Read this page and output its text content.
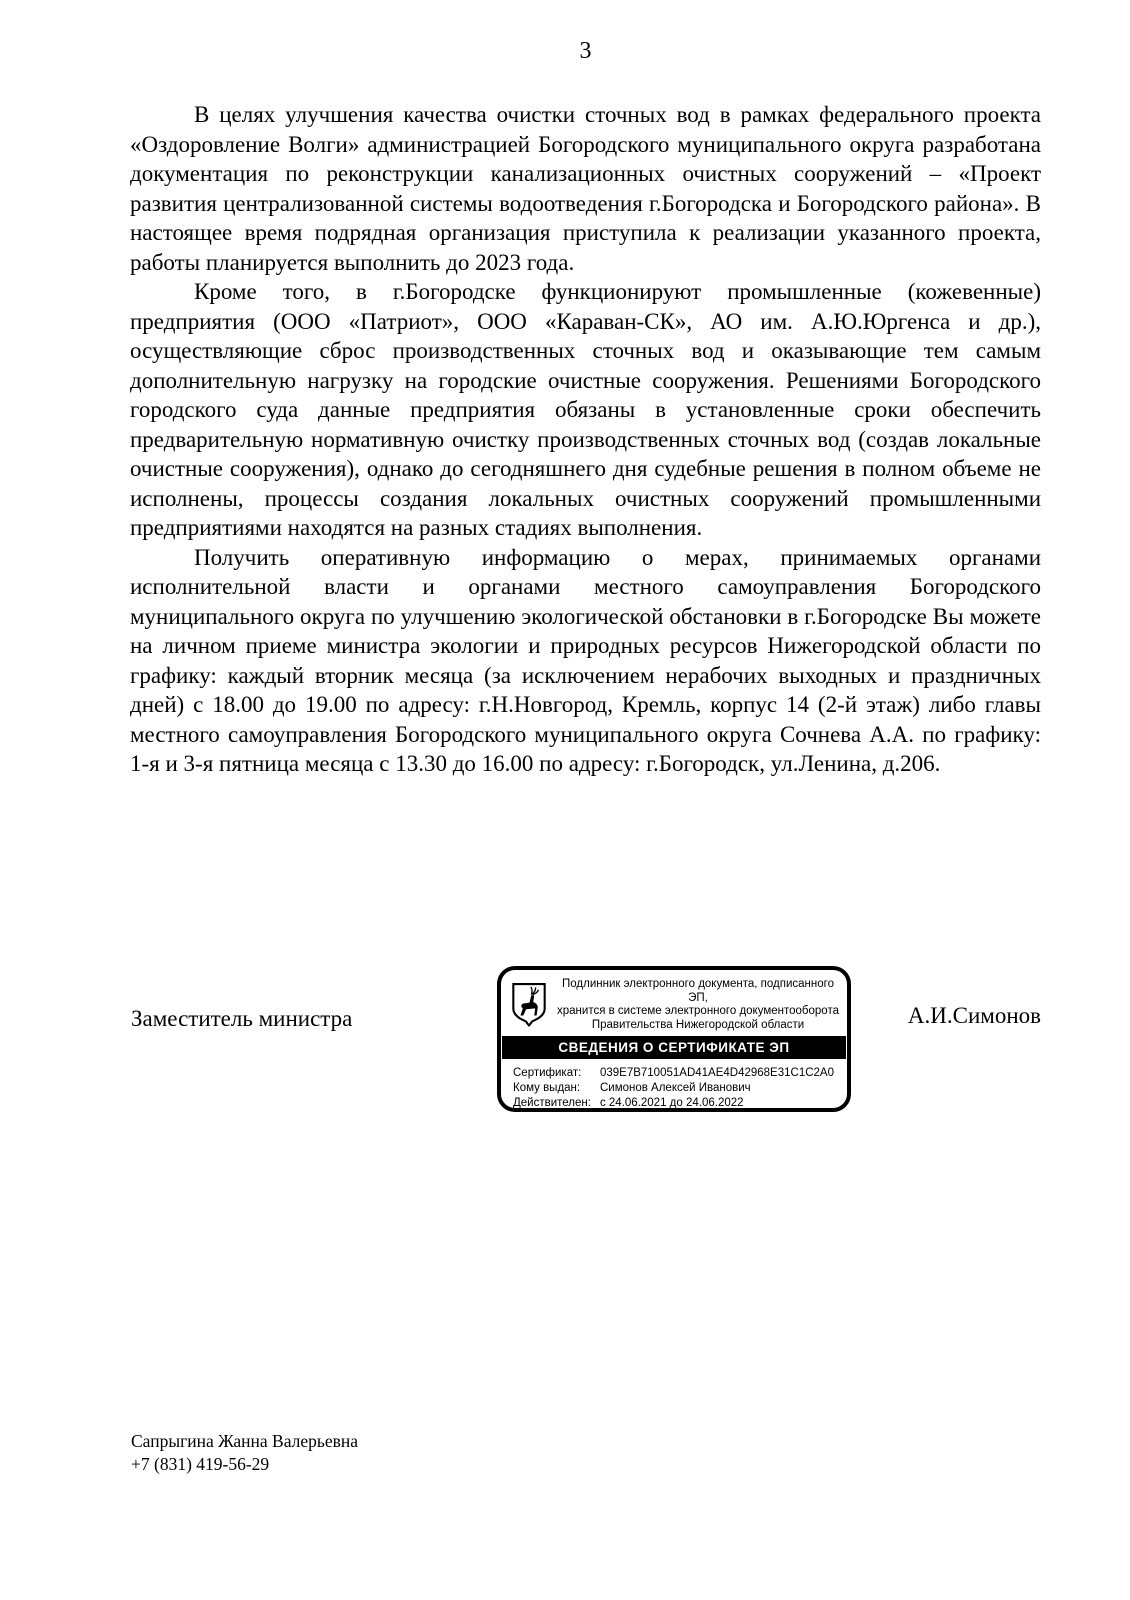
3

В целях улучшения качества очистки сточных вод в рамках федерального проекта «Оздоровление Волги» администрацией Богородского муниципального округа разработана документация по реконструкции канализационных очистных сооружений – «Проект развития централизованной системы водоотведения г.Богородска и Богородского района». В настоящее время подрядная организация приступила к реализации указанного проекта, работы планируется выполнить до 2023 года.

Кроме того, в г.Богородске функционируют промышленные (кожевенные) предприятия (ООО «Патриот», ООО «Караван-СК», АО им. А.Ю.Юргенса и др.), осуществляющие сброс производственных сточных вод и оказывающие тем самым дополнительную нагрузку на городские очистные сооружения. Решениями Богородского городского суда данные предприятия обязаны в установленные сроки обеспечить предварительную нормативную очистку производственных сточных вод (создав локальные очистные сооружения), однако до сегодняшнего дня судебные решения в полном объеме не исполнены, процессы создания локальных очистных сооружений промышленными предприятиями находятся на разных стадиях выполнения.

Получить оперативную информацию о мерах, принимаемых органами исполнительной власти и органами местного самоуправления Богородского муниципального округа по улучшению экологической обстановки в г.Богородске Вы можете на личном приеме министра экологии и природных ресурсов Нижегородской области по графику: каждый вторник месяца (за исключением нерабочих выходных и праздничных дней) с 18.00 до 19.00 по адресу: г.Н.Новгород, Кремль, корпус 14 (2-й этаж) либо главы местного самоуправления Богородского муниципального округа Сочнева А.А. по графику: 1-я и 3-я пятница месяца с 13.30 до 16.00 по адресу: г.Богородск, ул.Ленина, д.206.

Заместитель министра
Подлинник электронного документа, подписанного ЭП,
хранится в системе электронного документооборота
Правительства Нижегородской области
СВЕДЕНИЯ О СЕРТИФИКАТЕ ЭП
Сертификат:	039E7B710051AD41AE4D42968E31C1C2A0
Кому выдан:	Симонов Алексей Иванович
Действителен:	с 24.06.2021 до 24.06.2022
А.И.Симонов
Сапрыгина Жанна Валерьевна
+7 (831) 419-56-29
